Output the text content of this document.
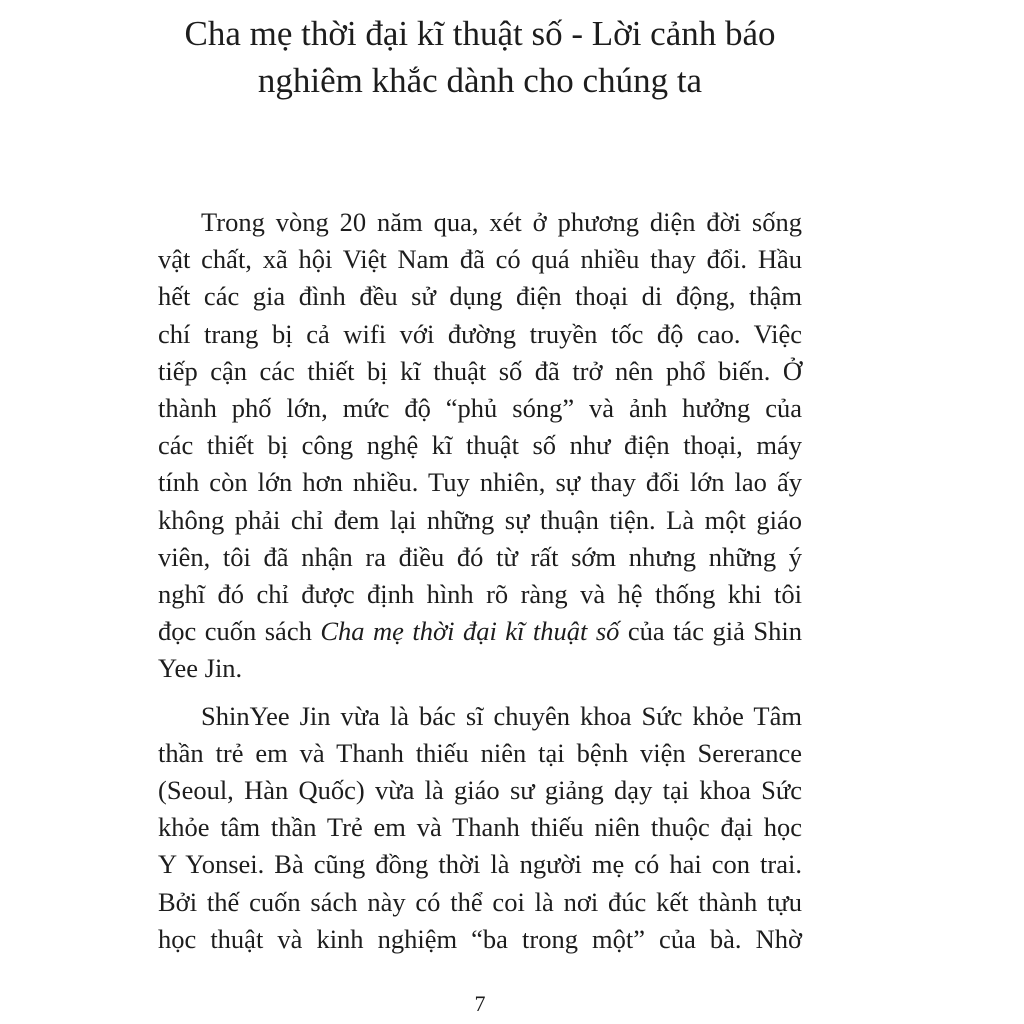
Cha mẹ thời đại kĩ thuật số - Lời cảnh báo
nghiêm khắc dành cho chúng ta

Trong vòng 20 năm qua, xét ở phương diện đời sống
vật chất, xã hội Việt Nam đã có quá nhiều thay đổi. Hầu
hết các gia đình đều sử dụng điện thoại di động, thậm
chí trang bị cả wifi với đường truyền tốc độ cao. Việc
tiếp cận các thiết bị kĩ thuật số đã trở nên phổ biến. Ở
thành phố lớn, mức độ “phủ sóng” và ảnh hưởng của
các thiết bị công nghệ kĩ thuật số như điện thoại, máy
tính còn lớn hơn nhiều. Tuy nhiên, sự thay đổi lớn lao ấy
không phải chỉ đem lại những sự thuận tiện. Là một giáo
viên, tôi đã nhận ra điều đó từ rất sớm nhưng những ý
nghĩ đó chỉ được định hình rõ ràng và hệ thống khi tôi
đọc cuốn sách Cha mẹ thời đại kĩ thuật số của tác giả Shin
Yee Jin.

ShinYee Jin vừa là bác sĩ chuyên khoa Sức khỏe Tâm
thần trẻ em và Thanh thiếu niên tại bệnh viện Sererance
(Seoul, Hàn Quốc) vừa là giáo sư giảng dạy tại khoa Sức
khỏe tâm thần Trẻ em và Thanh thiếu niên thuộc đại học
Y Yonsei. Bà cũng đồng thời là người mẹ có hai con trai.
Bởi thế cuốn sách này có thể coi là nơi đúc kết thành tựu
học thuật và kinh nghiệm “ba trong một” của bà. Nhờ

7
